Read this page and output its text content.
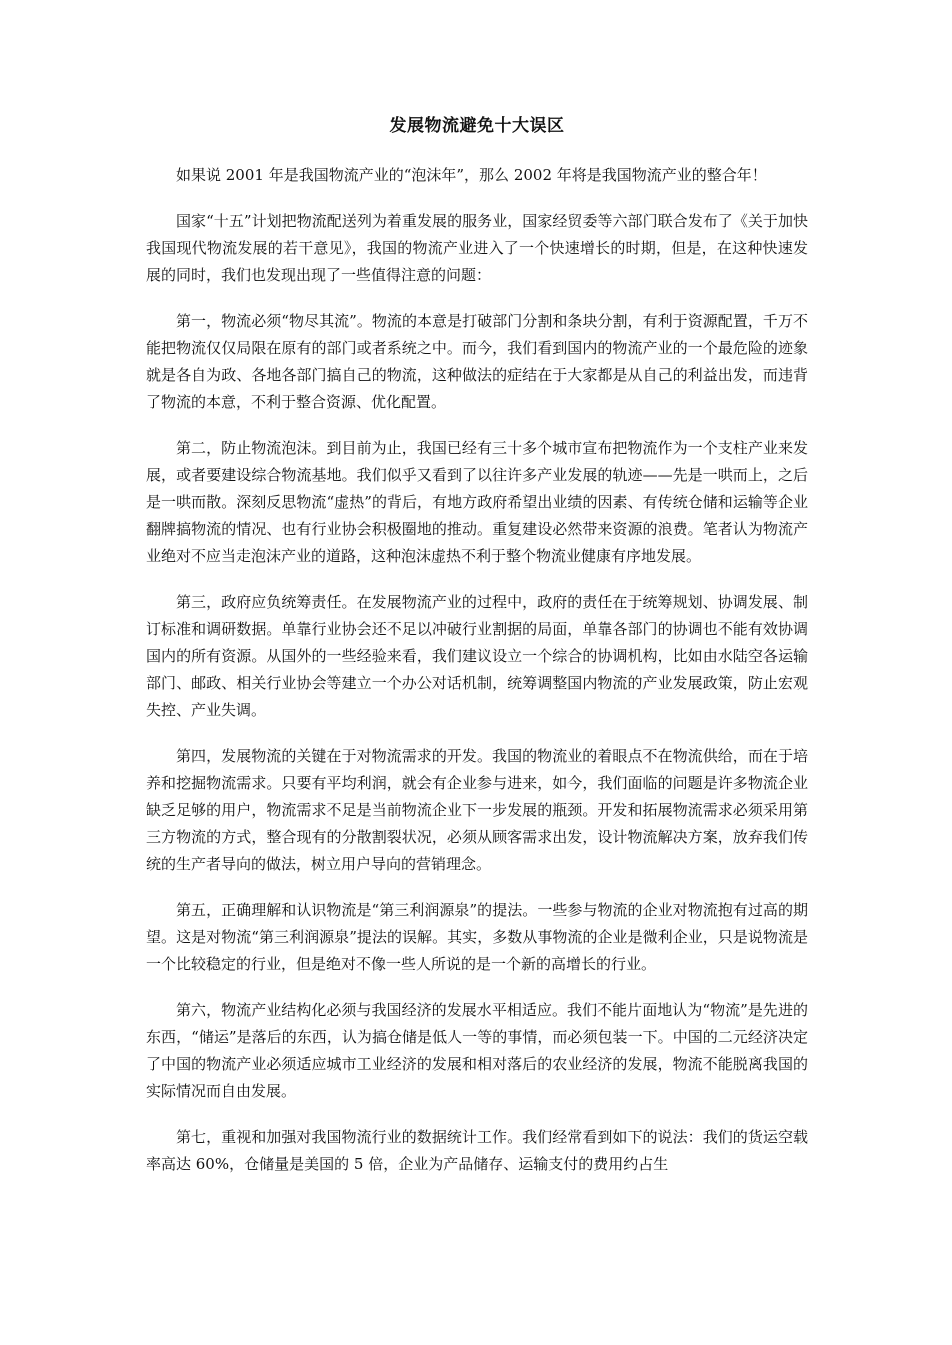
发展物流避免十大误区

如果说 2001 年是我国物流产业的“泡沫年”，那么 2002 年将是我国物流产业的整合年！

国家“十五”计划把物流配送列为着重发展的服务业，国家经贸委等六部门联合发布了《关于加快我国现代物流发展的若干意见》，我国的物流产业进入了一个快速增长的时期，但是，在这种快速发展的同时，我们也发现出现了一些值得注意的问题：

第一，物流必须“物尽其流”。物流的本意是打破部门分割和条块分割，有利于资源配置，千万不能把物流仅仅局限在原有的部门或者系统之中。而今，我们看到国内的物流产业的一个最危险的迹象就是各自为政、各地各部门搞自己的物流，这种做法的症结在于大家都是从自己的利益出发，而违背了物流的本意，不利于整合资源、优化配置。

第二，防止物流泡沫。到目前为止，我国已经有三十多个城市宣布把物流作为一个支柱产业来发展，或者要建设综合物流基地。我们似乎又看到了以往许多产业发展的轨迹——先是一哄而上，之后是一哄而散。深刻反思物流“虚热”的背后，有地方政府希望出业绩的因素、有传统仓储和运输等企业翻牌搞物流的情况、也有行业协会积极圈地的推动。重复建设必然带来资源的浪费。笔者认为物流产业绝对不应当走泡沫产业的道路，这种泡沫虚热不利于整个物流业健康有序地发展。

第三，政府应负统筹责任。在发展物流产业的过程中，政府的责任在于统筹规划、协调发展、制订标准和调研数据。单靠行业协会还不足以冲破行业割据的局面，单靠各部门的协调也不能有效协调国内的所有资源。从国外的一些经验来看，我们建议设立一个综合的协调机构，比如由水陆空各运输部门、邮政、相关行业协会等建立一个办公对话机制，统筹调整国内物流的产业发展政策，防止宏观失控、产业失调。

第四，发展物流的关键在于对物流需求的开发。我国的物流业的着眼点不在物流供给，而在于培养和挖掘物流需求。只要有平均利润，就会有企业参与进来，如今，我们面临的问题是许多物流企业缺乏足够的用户，物流需求不足是当前物流企业下一步发展的瓶颈。开发和拓展物流需求必须采用第三方物流的方式，整合现有的分散割裂状况，必须从顾客需求出发，设计物流解决方案，放弃我们传统的生产者导向的做法，树立用户导向的营销理念。

第五，正确理解和认识物流是“第三利润源泉”的提法。一些参与物流的企业对物流抱有过高的期望。这是对物流“第三利润源泉”提法的误解。其实，多数从事物流的企业是微利企业，只是说物流是一个比较稳定的行业，但是绝对不像一些人所说的是一个新的高增长的行业。

第六，物流产业结构化必须与我国经济的发展水平相适应。我们不能片面地认为“物流”是先进的东西，“储运”是落后的东西，认为搞仓储是低人一等的事情，而必须包装一下。中国的二元经济决定了中国的物流产业必须适应城市工业经济的发展和相对落后的农业经济的发展，物流不能脱离我国的实际情况而自由发展。

第七，重视和加强对我国物流行业的数据统计工作。我们经常看到如下的说法：我们的货运空载率高达 60%，仓储量是美国的 5 倍，企业为产品储存、运输支付的费用约占生
